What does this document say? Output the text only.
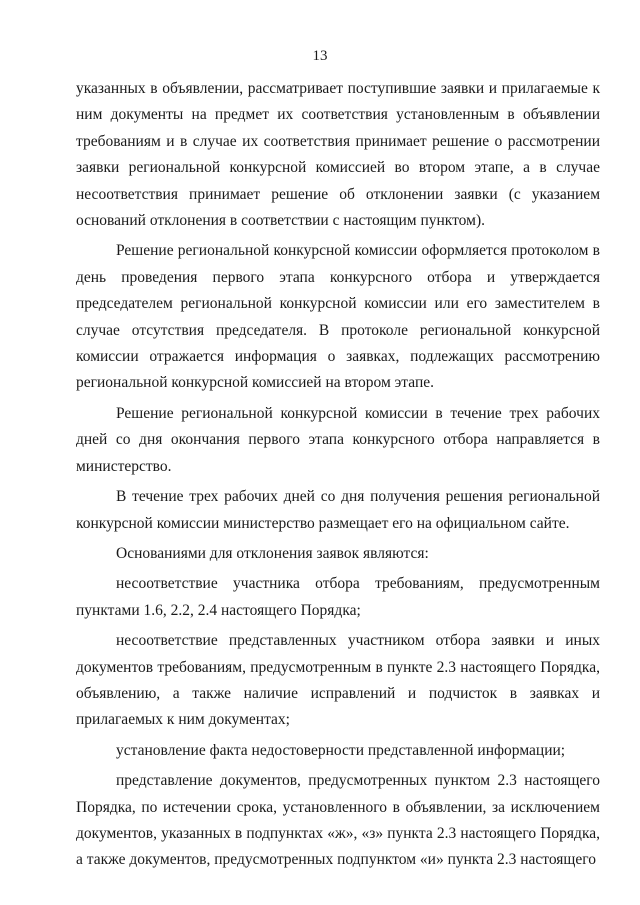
13

указанных в объявлении, рассматривает поступившие заявки и прилагаемые к ним документы на предмет их соответствия установленным в объявлении требованиям и в случае их соответствия принимает решение о рассмотрении заявки региональной конкурсной комиссией во втором этапе, а в случае несоответствия принимает решение об отклонении заявки (с указанием оснований отклонения в соответствии с настоящим пунктом).

Решение региональной конкурсной комиссии оформляется протоколом в день проведения первого этапа конкурсного отбора и утверждается председателем региональной конкурсной комиссии или его заместителем в случае отсутствия председателя. В протоколе региональной конкурсной комиссии отражается информация о заявках, подлежащих рассмотрению региональной конкурсной комиссией на втором этапе.

Решение региональной конкурсной комиссии в течение трех рабочих дней со дня окончания первого этапа конкурсного отбора направляется в министерство.

В течение трех рабочих дней со дня получения решения региональной конкурсной комиссии министерство размещает его на официальном сайте.

Основаниями для отклонения заявок являются:

несоответствие участника отбора требованиям, предусмотренным пунктами 1.6, 2.2, 2.4 настоящего Порядка;

несоответствие представленных участником отбора заявки и иных документов требованиям, предусмотренным в пункте 2.3 настоящего Порядка, объявлению, а также наличие исправлений и подчисток в заявках и прилагаемых к ним документах;

установление факта недостоверности представленной информации;

представление документов, предусмотренных пунктом 2.3 настоящего Порядка, по истечении срока, установленного в объявлении, за исключением документов, указанных в подпунктах «ж», «з» пункта 2.3 настоящего Порядка, а также документов, предусмотренных подпунктом «и» пункта 2.3 настоящего
